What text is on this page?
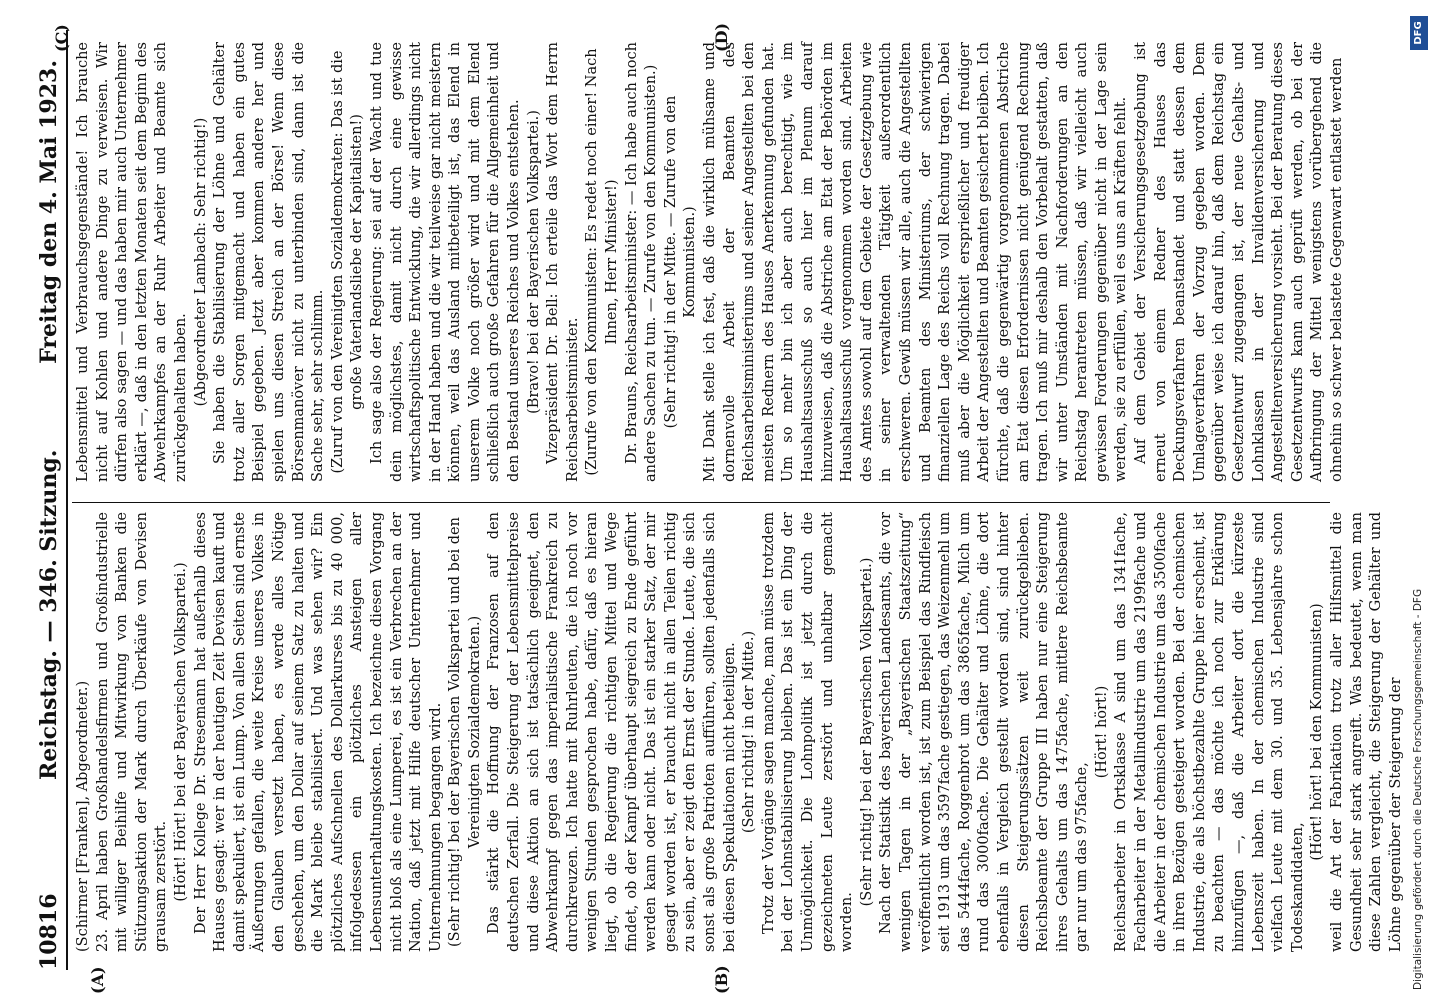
10816
Reichstag. — 346. Sitzung.
Freitag den 4. Mai 1923.
(A)	(B)
(C)	(D)

(Schirmer [Franken], Abgeordneter.) 23. April haben Großhandelsfirmen und Großindustrielle mit williger Beihilfe und Mitwirkung von Banken die Stützungsaktion der Mark durch Überkäufe von Devisen grausam zerstört. (Hört! Hört! bei der Bayerischen Volkspartei.) Der Herr Kollege Dr. Stresemann hat außerhalb dieses Hauses gesagt: wer in der heutigen Zeit Devisen kauft und damit spekuliert, ist ein Lump. Von allen Seiten sind ernste Äußerungen gefallen, die weite Kreise unseres Volkes in den Glauben versetzt haben, es werde alles Nötige geschehen, um den Dollar auf seinem Satz zu halten und die Mark bleibe stabilisiert. Und was sehen wir? Ein plötzliches Aufschnellen des Dollarkurses bis zu 40 000, infolgedessen ein plötzliches Ansteigen aller Lebensunterhaltungskosten. Ich bezeichne diesen Vorgang nicht bloß als eine Lumperei, es ist ein Verbrechen an der Nation, daß jetzt mit Hilfe deutscher Unternehmer und Unternehmungen begangen wird. (Sehr richtig! bei der Bayerischen Volkspartei und bei den Vereinigten Sozialdemokraten.) Das stärkt die Hoffnung der Franzosen auf den deutschen Zerfall. Die Steigerung der Lebensmittelpreise und diese Aktion an sich ist tatsächlich geeignet, den Abwehrkampf gegen das imperialistische Frankreich zu durchkreuzen. Ich hatte mit Ruhrleuten, die ich noch vor wenigen Stunden gesprochen habe, dafür, daß es hieran liegt, ob die Regierung die richtigen Mittel und Wege findet, ob der Kampf überhaupt siegreich zu Ende geführt werden kann oder nicht. Das ist ein starker Satz, der mir gesagt worden ist, er braucht nicht in allen Teilen richtig zu sein, aber er zeigt den Ernst der Stunde. Leute, die sich sonst als große Patrioten aufführen, sollten jedenfalls sich bei diesen Spekulationen nicht beteiligen. (Sehr richtig! in der Mitte.) Trotz der Vorgänge sagen manche, man müsse trotzdem bei der Lohnstabilisierung bleiben. Das ist ein Ding der Unmöglichkeit. Die Lohnpolitik ist jetzt durch die gezeichneten Leute zerstört und unhaltbar gemacht worden.

(Sehr richtig! bei der Bayerischen Volkspartei.) Nach der Statistik des bayerischen Landesamts, die vor wenigen Tagen in der „Bayerischen Staatszeitung“ veröffentlicht worden ist, ist zum Beispiel das Rindfleisch seit 1913 um das 3597fache gestiegen, das Weizenmehl um das 5444fache, Roggenbrot um das 3865fache, Milch um rund das 3000fache. Die Gehälter und Löhne, die dort ebenfalls in Vergleich gestellt worden sind, sind hinter diesen Steigerungssätzen weit zurückgeblieben. Reichsbeamte der Gruppe III haben nur eine Steigerung ihres Gehalts um das 1475fache, mittlere Reichsbeamte gar nur um das 975fache,

(Hört! hört!) Reichsarbeiter in Ortsklasse A sind um das 1341fache, Facharbeiter in der Metallindustrie um das 2199fache und die Arbeiter in der chemischen Industrie um das 3500fache in ihren Bezügen gesteigert worden. Bei der chemischen Industrie, die als höchstbezahlte Gruppe hier erscheint, ist zu beachten — das möchte ich noch zur Erklärung hinzufügen —, daß die Arbeiter dort die kürzeste Lebenszeit haben. In der chemischen Industrie sind vielfach Leute mit dem 30. und 35. Lebensjahre schon Todeskandidaten,

(Hört! hört! bei den Kommunisten) weil die Art der Fabrikation trotz aller Hilfsmittel die Gesundheit sehr stark angreift. Was bedeutet, wenn man diese Zahlen vergleicht, die Steigerung der Gehälter und Löhne gegenüber der Steigerung der

Lebensmittel und Verbrauchsgegenstände! Ich brauche nicht auf Kohlen und andere Dinge zu verweisen. Wir dürfen also sagen — und das haben mir auch Unternehmer erklärt —, daß in den letzten Monaten seit dem Beginn des Abwehrkampfes an der Ruhr Arbeiter und Beamte sich zurückgehalten haben. (Abgeordneter Lambach: Sehr richtig!) Sie haben die Stabilisierung der Löhne und Gehälter trotz aller Sorgen mitgemacht und haben ein gutes Beispiel gegeben. Jetzt aber kommen andere her und spielen uns diesen Streich an der Börse! Wenn diese Börsenmanöver nicht zu unterbinden sind, dann ist die Sache sehr, sehr schlimm. (Zuruf von den Vereinigten Sozialdemokraten: Das ist die große Vaterlandsliebe der Kapitalisten!) Ich sage also der Regierung: sei auf der Wacht und tue dein möglichstes, damit nicht durch eine gewisse wirtschaftspolitische Entwicklung, die wir allerdings nicht in der Hand haben und die wir teilweise gar nicht meistern können, weil das Ausland mitbeteiligt ist, das Elend in unserem Volke noch größer wird und mit dem Elend schließlich auch große Gefahren für die Allgemeinheit und den Bestand unseres Reiches und Volkes entstehen. (Bravo! bei der Bayerischen Volkspartei.) Vizepräsident Dr. Bell: Ich erteile das Wort dem Herrn Reichsarbeitsminister. (Zurufe von den Kommunisten: Es redet noch einer! Nach Ihnen, Herr Minister!) Dr. Brauns, Reichsarbeitsminister: — Ich habe auch noch andere Sachen zu tun. — Zurufe von den Kommunisten.) (Sehr richtig! in der Mitte. — Zurufe von den Kommunisten.) Mit Dank stelle ich fest, daß die wirklich mühsame und dornenvolle Arbeit der Beamten des Reichsarbeitsministeriums und seiner Angestellten bei den meisten Rednern des Hauses Anerkennung gefunden hat. Um so mehr bin ich aber auch berechtigt, wie im Haushaltsausschuß so auch hier im Plenum darauf hinzuweisen, daß die Abstriche am Etat der Behörden im Haushaltsausschuß vorgenommen worden sind. Arbeiten des Amtes sowohl auf dem Gebiete der Gesetzgebung wie in seiner verwaltenden Tätigkeit außerordentlich erschweren. Gewiß müssen wir alle, auch die Angestellten und Beamten des Ministeriums, der schwierigen finanziellen Lage des Reichs voll Rechnung tragen. Dabei muß aber die Möglichkeit ersprießlicher und freudiger Arbeit der Angestellten und Beamten gesichert bleiben. Ich fürchte, daß die gegenwärtig vorgenommenen Abstriche am Etat diesen Erfordernissen nicht genügend Rechnung tragen. Ich muß mir deshalb den Vorbehalt gestatten, daß wir unter Umständen mit Nachforderungen an den Reichstag herantreten müssen, daß wir vielleicht auch gewissen Forderungen gegenüber nicht in der Lage sein werden, sie zu erfüllen, weil es uns an Kräften fehlt. Auf dem Gebiet der Versicherungsgesetzgebung ist erneut von einem Redner des Hauses das Deckungsverfahren beanstandet und statt dessen dem Umlageverfahren der Vorzug gegeben worden. Dem gegenüber weise ich darauf hin, daß dem Reichstag ein Gesetzentwurf zugegangen ist, der neue Gehalts- und Lohnklassen in der Invalidenversicherung und Angestelltenversicherung vorsieht. Bei der Beratung dieses Gesetzentwurfs kann auch geprüft werden, ob bei der Aufbringung der Mittel wenigstens vorübergehend die ohnehin so schwer belastete Gegenwart entlastet werden

Digitalisierung gefördert durch die Deutsche Forschungsgemeinschaft - DFG
DFG
